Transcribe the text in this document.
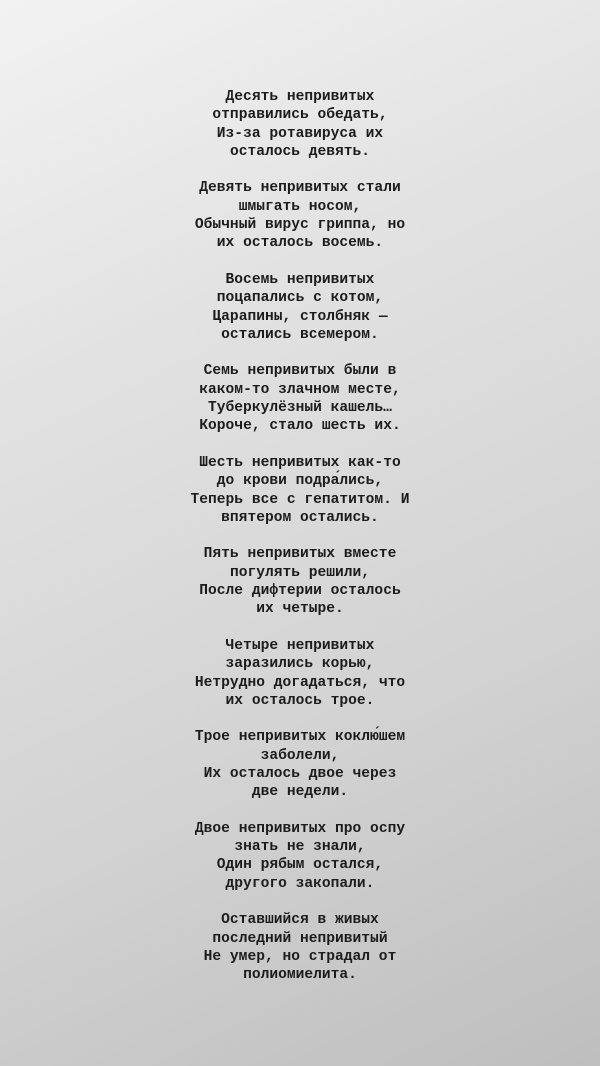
Десять непривитых
отправились обедать,
Из-за ротавируса их
осталось девять.
Девять непривитых стали
шмыгать носом,
Обычный вирус гриппа, но
их осталось восемь.
Восемь непривитых
поцапались с котом,
Царапины, столбняк —
остались всемером.
Семь непривитых были в
каком-то злачном месте,
Туберкулёзный кашель…
Короче, стало шесть их.
Шесть непривитых как-то
до крови подра́лись,
Теперь все с гепатитом. И
впятером остались.
Пять непривитых вместе
погулять решили,
После дифтерии осталось
их четыре.
Четыре непривитых
заразились корью,
Нетрудно догадаться, что
их осталось трое.
Трое непривитых коклю́шем
заболели,
Их осталось двое через
две недели.
Двое непривитых про оспу
знать не знали,
Один рябым остался,
другого закопали.
Оставшийся в живых
последний непривитый
Не умер, но страдал от
полиомиелита.
